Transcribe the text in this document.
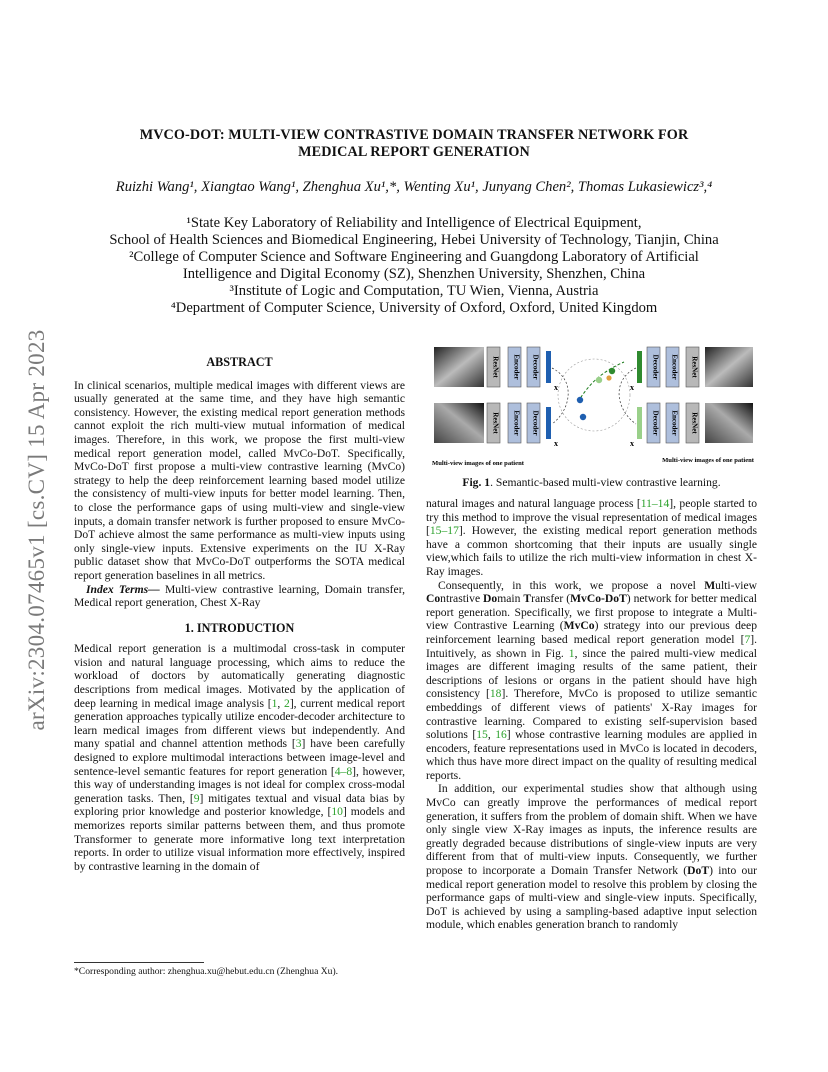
arXiv:2304.07465v1 [cs.CV] 15 Apr 2023
MVCO-DOT: MULTI-VIEW CONTRASTIVE DOMAIN TRANSFER NETWORK FOR
MEDICAL REPORT GENERATION
Ruizhi Wang¹, Xiangtao Wang¹, Zhenghua Xu¹,*, Wenting Xu¹, Junyang Chen², Thomas Lukasiewicz³,⁴
¹State Key Laboratory of Reliability and Intelligence of Electrical Equipment,
School of Health Sciences and Biomedical Engineering, Hebei University of Technology, Tianjin, China
²College of Computer Science and Software Engineering and Guangdong Laboratory of Artificial
Intelligence and Digital Economy (SZ), Shenzhen University, Shenzhen, China
³Institute of Logic and Computation, TU Wien, Vienna, Austria
⁴Department of Computer Science, University of Oxford, Oxford, United Kingdom
ABSTRACT

In clinical scenarios, multiple medical images with different views are usually generated at the same time, and they have high semantic consistency. However, the existing medical report generation methods cannot exploit the rich multi-view mutual information of medical images. Therefore, in this work, we propose the first multi-view medical report generation model, called MvCo-DoT. Specifically, MvCo-DoT first propose a multi-view contrastive learning (MvCo) strategy to help the deep reinforcement learning based model utilize the consistency of multi-view inputs for better model learning. Then, to close the performance gaps of using multi-view and single-view inputs, a domain transfer network is further proposed to ensure MvCo-DoT achieve almost the same performance as multi-view inputs using only single-view inputs. Extensive experiments on the IU X-Ray public dataset show that MvCo-DoT outperforms the SOTA medical report generation baselines in all metrics.

Index Terms— Multi-view contrastive learning, Domain transfer, Medical report generation, Chest X-Ray

1. INTRODUCTION

Medical report generation is a multimodal cross-task in computer vision and natural language processing, which aims to reduce the workload of doctors by automatically generating diagnostic descriptions from medical images. Motivated by the application of deep learning in medical image analysis [1, 2], current medical report generation approaches typically utilize encoder-decoder architecture to learn medical images from different views but independently. And many spatial and channel attention methods [3] have been carefully designed to explore multimodal interactions between image-level and sentence-level semantic features for report generation [4–8], however, this way of understanding images is not ideal for complex cross-modal generation tasks. Then, [9] mitigates textual and visual data bias by exploring prior knowledge and posterior knowledge, [10] models and memorizes reports similar patterns between them, and thus promote Transformer to generate more informative long text interpretation reports. In order to utilize visual information more effectively, inspired by contrastive learning in the domain of

*Corresponding author: zhenghua.xu@hebut.edu.cn (Zhenghua Xu).
ResNet
ResNet
Encoder
Encoder
Decoder
Decoder
Decoder
Decoder
Encoder
Encoder
ResNet
ResNet
x
x
x
x
Multi-view images of one patient	Multi-view images of one patient
Fig. 1. Semantic-based multi-view contrastive learning.

natural images and natural language process [11–14], people started to try this method to improve the visual representation of medical images [15–17]. However, the existing medical report generation methods have a common shortcoming that their inputs are usually single view,which fails to utilize the rich multi-view information in chest X-Ray images.

Consequently, in this work, we propose a novel Multi-view Contrastive Domain Transfer (MvCo-DoT) network for better medical report generation. Specifically, we first propose to integrate a Multi-view Contrastive Learning (MvCo) strategy into our previous deep reinforcement learning based medical report generation model [7]. Intuitively, as shown in Fig. 1, since the paired multi-view medical images are different imaging results of the same patient, their descriptions of lesions or organs in the patient should have high consistency [18]. Therefore, MvCo is proposed to utilize semantic embeddings of different views of patients' X-Ray images for contrastive learning. Compared to existing self-supervision based solutions [15, 16] whose contrastive learning modules are applied in encoders, feature representations used in MvCo is located in decoders, which thus have more direct impact on the quality of resulting medical reports.

In addition, our experimental studies show that although using MvCo can greatly improve the performances of medical report generation, it suffers from the problem of domain shift. When we have only single view X-Ray images as inputs, the inference results are greatly degraded because distributions of single-view inputs are very different from that of multi-view inputs. Consequently, we further propose to incorporate a Domain Transfer Network (DoT) into our medical report generation model to resolve this problem by closing the performance gaps of multi-view and single-view inputs. Specifically, DoT is achieved by using a sampling-based adaptive input selection module, which enables generation branch to randomly
